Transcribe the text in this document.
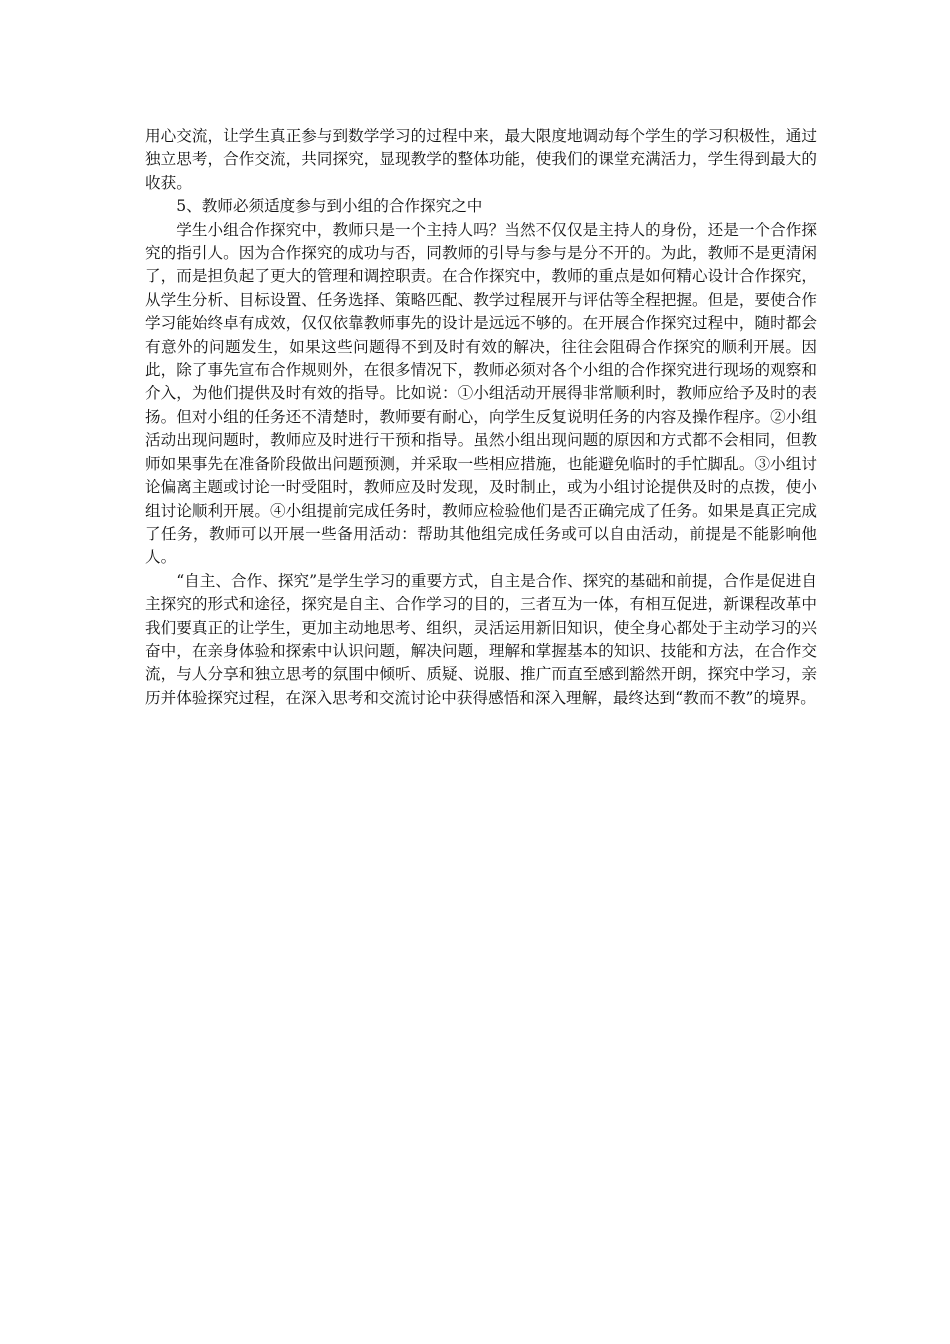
用心交流，让学生真正参与到数学学习的过程中来，最大限度地调动每个学生的学习积极性，通过独立思考，合作交流，共同探究，显现教学的整体功能，使我们的课堂充满活力，学生得到最大的收获。

5、教师必须适度参与到小组的合作探究之中

学生小组合作探究中，教师只是一个主持人吗？当然不仅仅是主持人的身份，还是一个合作探究的指引人。因为合作探究的成功与否，同教师的引导与参与是分不开的。为此，教师不是更清闲了，而是担负起了更大的管理和调控职责。在合作探究中，教师的重点是如何精心设计合作探究，从学生分析、目标设置、任务选择、策略匹配、教学过程展开与评估等全程把握。但是，要使合作学习能始终卓有成效，仅仅依靠教师事先的设计是远远不够的。在开展合作探究过程中，随时都会有意外的问题发生，如果这些问题得不到及时有效的解决，往往会阻碍合作探究的顺利开展。因此，除了事先宣布合作规则外，在很多情况下，教师必须对各个小组的合作探究进行现场的观察和介入，为他们提供及时有效的指导。比如说：①小组活动开展得非常顺利时，教师应给予及时的表扬。但对小组的任务还不清楚时，教师要有耐心，向学生反复说明任务的内容及操作程序。②小组活动出现问题时，教师应及时进行干预和指导。虽然小组出现问题的原因和方式都不会相同，但教师如果事先在准备阶段做出问题预测，并采取一些相应措施，也能避免临时的手忙脚乱。③小组讨论偏离主题或讨论一时受阻时，教师应及时发现，及时制止，或为小组讨论提供及时的点拨，使小组讨论顺利开展。④小组提前完成任务时，教师应检验他们是否正确完成了任务。如果是真正完成了任务，教师可以开展一些备用活动：帮助其他组完成任务或可以自由活动，前提是不能影响他人。

“自主、合作、探究”是学生学习的重要方式，自主是合作、探究的基础和前提，合作是促进自主探究的形式和途径，探究是自主、合作学习的目的，三者互为一体，有相互促进，新课程改革中我们要真正的让学生，更加主动地思考、组织，灵活运用新旧知识，使全身心都处于主动学习的兴奋中，在亲身体验和探索中认识问题，解决问题，理解和掌握基本的知识、技能和方法，在合作交流，与人分享和独立思考的氛围中倾听、质疑、说服、推广而直至感到豁然开朗，探究中学习，亲历并体验探究过程，在深入思考和交流讨论中获得感悟和深入理解，最终达到“教而不教”的境界。
